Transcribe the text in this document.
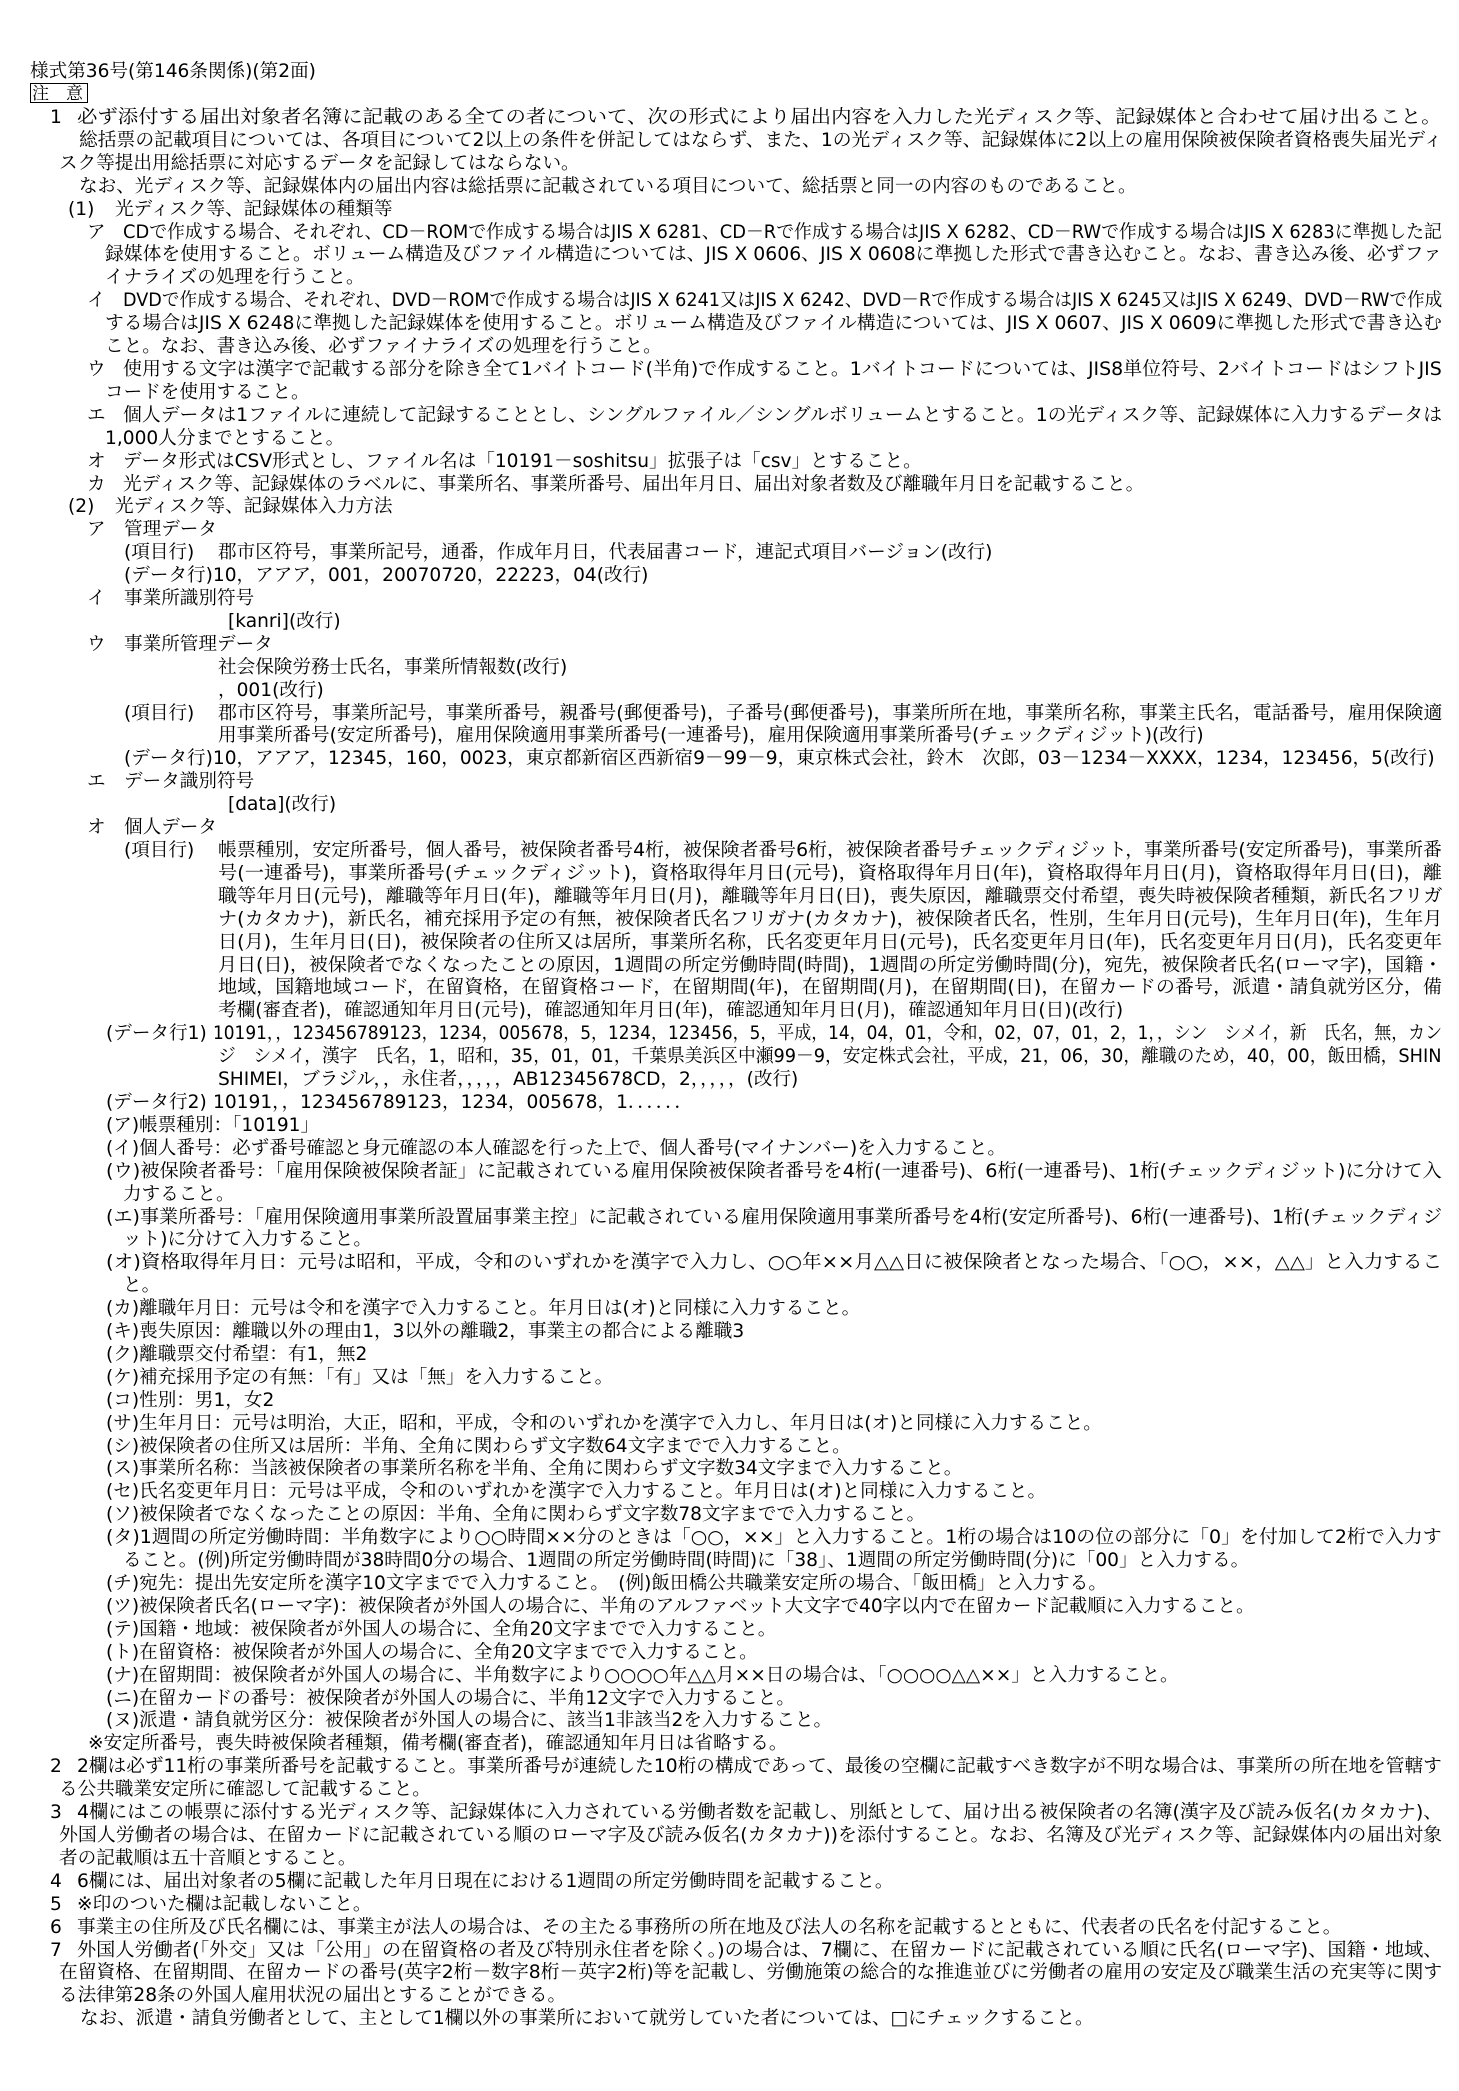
様式第36号(第146条関係)(第2面)
注　意
1 必ず添付する届出対象者名簿に記載のある全ての者について、次の形式により届出内容を入力した光ディスク等、記録媒体と合わせて届け出ること。
総括票の記載項目については、各項目について2以上の条件を併記してはならず、また、1の光ディスク等、記録媒体に2以上の雇用保険被保険者資格喪失届光ディ
スク等提出用総括票に対応するデータを記録してはならない。
なお、光ディスク等、記録媒体内の届出内容は総括票に記載されている項目について、総括票と同一の内容のものであること。
(1) 光ディスク等、記録媒体の種類等
ア CDで作成する場合、それぞれ、CD－ROMで作成する場合はJIS X 6281、CD－Rで作成する場合はJIS X 6282、CD－RWで作成する場合はJIS X 6283に準拠した記
録媒体を使用すること。ボリューム構造及びファイル構造については、JIS X 0606、JIS X 0608に準拠した形式で書き込むこと。なお、書き込み後、必ずファ
イナライズの処理を行うこと。
イ DVDで作成する場合、それぞれ、DVD－ROMで作成する場合はJIS X 6241又はJIS X 6242、DVD－Rで作成する場合はJIS X 6245又はJIS X 6249、DVD－RWで作成
する場合はJIS X 6248に準拠した記録媒体を使用すること。ボリューム構造及びファイル構造については、JIS X 0607、JIS X 0609に準拠した形式で書き込む
こと。なお、書き込み後、必ずファイナライズの処理を行うこと。
ウ 使用する文字は漢字で記載する部分を除き全て1バイトコード(半角)で作成すること。1バイトコードについては、JIS8単位符号、2バイトコードはシフトJIS
コードを使用すること。
エ 個人データは1ファイルに連続して記録することとし、シングルファイル／シングルボリュームとすること。1の光ディスク等、記録媒体に入力するデータは
1,000人分までとすること。
オ データ形式はCSV形式とし、ファイル名は「10191－soshitsu」拡張子は「csv」とすること。
カ 光ディスク等、記録媒体のラベルに、事業所名、事業所番号、届出年月日、届出対象者数及び離職年月日を記載すること。
(2) 光ディスク等、記録媒体入力方法
ア 管理データ
(項目行) 郡市区符号，事業所記号，通番，作成年月日，代表届書コード，連記式項目バージョン(改行)
(データ行)10，アアア，001，20070720，22223，04(改行)
イ 事業所識別符号
[kanri](改行)
ウ 事業所管理データ
社会保険労務士氏名，事業所情報数(改行)
，001(改行)
(項目行) 郡市区符号，事業所記号，事業所番号，親番号(郵便番号)，子番号(郵便番号)，事業所所在地，事業所名称，事業主氏名，電話番号，雇用保険適
用事業所番号(安定所番号)，雇用保険適用事業所番号(一連番号)，雇用保険適用事業所番号(チェックディジット)(改行)
(データ行)10，アアア，12345，160，0023，東京都新宿区西新宿9－99－9，東京株式会社，鈴木　次郎，03－1234－XXXX，1234，123456，5(改行)
エ データ識別符号
[data](改行)
オ 個人データ
(項目行) 帳票種別，安定所番号，個人番号，被保険者番号4桁，被保険者番号6桁，被保険者番号チェックディジット，事業所番号(安定所番号)，事業所番
号(一連番号)，事業所番号(チェックディジット)，資格取得年月日(元号)，資格取得年月日(年)，資格取得年月日(月)，資格取得年月日(日)，離
職等年月日(元号)，離職等年月日(年)，離職等年月日(月)，離職等年月日(日)，喪失原因，離職票交付希望，喪失時被保険者種類，新氏名フリガ
ナ(カタカナ)，新氏名，補充採用予定の有無，被保険者氏名フリガナ(カタカナ)，被保険者氏名，性別，生年月日(元号)，生年月日(年)，生年月
日(月)，生年月日(日)，被保険者の住所又は居所，事業所名称，氏名変更年月日(元号)，氏名変更年月日(年)，氏名変更年月日(月)，氏名変更年
月日(日)，被保険者でなくなったことの原因，1週間の所定労働時間(時間)，1週間の所定労働時間(分)，宛先，被保険者氏名(ローマ字)，国籍・
地域，国籍地域コード，在留資格，在留資格コード，在留期間(年)，在留期間(月)，在留期間(日)，在留カードの番号，派遣・請負就労区分，備
考欄(審査者)，確認通知年月日(元号)，確認通知年月日(年)，確認通知年月日(月)，確認通知年月日(日)(改行)
(データ行1) 10191，，123456789123，1234，005678，5，1234，123456，5，平成，14，04，01，令和，02，07，01，2，1，，シン　シメイ，新　氏名，無，カン
ジ　シメイ，漢字　氏名，1，昭和，35，01，01，千葉県美浜区中瀬99－9，安定株式会社，平成，21，06，30，離職のため，40，00，飯田橋，SHIN
SHIMEI，ブラジル，，永住者，，，，，AB12345678CD，2，，，，，(改行)
(データ行2) 10191，，123456789123，1234，005678，1．．．．．．
(ア)帳票種別：「10191」
(イ)個人番号：必ず番号確認と身元確認の本人確認を行った上で、個人番号(マイナンバー)を入力すること。
(ウ)被保険者番号：「雇用保険被保険者証」に記載されている雇用保険被保険者番号を4桁(一連番号)、6桁(一連番号)、1桁(チェックディジット)に分けて入
力すること。
(エ)事業所番号：「雇用保険適用事業所設置届事業主控」に記載されている雇用保険適用事業所番号を4桁(安定所番号)、6桁(一連番号)、1桁(チェックディジ
ット)に分けて入力すること。
(オ)資格取得年月日：元号は昭和，平成，令和のいずれかを漢字で入力し、○○年××月△△日に被保険者となった場合、「○○，××，△△」と入力するこ
と。
(カ)離職年月日：元号は令和を漢字で入力すること。年月日は(オ)と同様に入力すること。
(キ)喪失原因：離職以外の理由1，3以外の離職2，事業主の都合による離職3
(ク)離職票交付希望：有1，無2
(ケ)補充採用予定の有無：「有」又は「無」を入力すること。
(コ)性別：男1，女2
(サ)生年月日：元号は明治，大正，昭和，平成，令和のいずれかを漢字で入力し、年月日は(オ)と同様に入力すること。
(シ)被保険者の住所又は居所：半角、全角に関わらず文字数64文字までで入力すること。
(ス)事業所名称：当該被保険者の事業所名称を半角、全角に関わらず文字数34文字まで入力すること。
(セ)氏名変更年月日：元号は平成，令和のいずれかを漢字で入力すること。年月日は(オ)と同様に入力すること。
(ソ)被保険者でなくなったことの原因：半角、全角に関わらず文字数78文字までで入力すること。
(タ)1週間の所定労働時間：半角数字により○○時間××分のときは「○○，××」と入力すること。1桁の場合は10の位の部分に「0」を付加して2桁で入力す
ること。(例)所定労働時間が38時間0分の場合、1週間の所定労働時間(時間)に「38」、1週間の所定労働時間(分)に「00」と入力する。
(チ)宛先：提出先安定所を漢字10文字までで入力すること。　(例)飯田橋公共職業安定所の場合、「飯田橋」と入力する。
(ツ)被保険者氏名(ローマ字)：被保険者が外国人の場合に、半角のアルファベット大文字で40字以内で在留カード記載順に入力すること。
(テ)国籍・地域：被保険者が外国人の場合に、全角20文字までで入力すること。
(ト)在留資格：被保険者が外国人の場合に、全角20文字までで入力すること。
(ナ)在留期間：被保険者が外国人の場合に、半角数字により○○○○年△△月××日の場合は、「○○○○△△××」と入力すること。
(ニ)在留カードの番号：被保険者が外国人の場合に、半角12文字で入力すること。
(ヌ)派遣・請負就労区分：被保険者が外国人の場合に、該当1非該当2を入力すること。
※安定所番号，喪失時被保険者種類，備考欄(審査者)，確認通知年月日は省略する。
2 2欄は必ず11桁の事業所番号を記載すること。事業所番号が連続した10桁の構成であって、最後の空欄に記載すべき数字が不明な場合は、事業所の所在地を管轄す
る公共職業安定所に確認して記載すること。
3 4欄にはこの帳票に添付する光ディスク等、記録媒体に入力されている労働者数を記載し、別紙として、届け出る被保険者の名簿(漢字及び読み仮名(カタカナ)、
外国人労働者の場合は、在留カードに記載されている順のローマ字及び読み仮名(カタカナ))を添付すること。なお、名簿及び光ディスク等、記録媒体内の届出対象
者の記載順は五十音順とすること。
4 6欄には、届出対象者の5欄に記載した年月日現在における1週間の所定労働時間を記載すること。
5 ※印のついた欄は記載しないこと。
6 事業主の住所及び氏名欄には、事業主が法人の場合は、その主たる事務所の所在地及び法人の名称を記載するとともに、代表者の氏名を付記すること。
7 外国人労働者(「外交」又は「公用」の在留資格の者及び特別永住者を除く。)の場合は、7欄に、在留カードに記載されている順に氏名(ローマ字)、国籍・地域、
在留資格、在留期間、在留カードの番号(英字2桁－数字8桁－英字2桁)等を記載し、労働施策の総合的な推進並びに労働者の雇用の安定及び職業生活の充実等に関す
る法律第28条の外国人雇用状況の届出とすることができる。
なお、派遣・請負労働者として、主として1欄以外の事業所において就労していた者については、□にチェックすること。
